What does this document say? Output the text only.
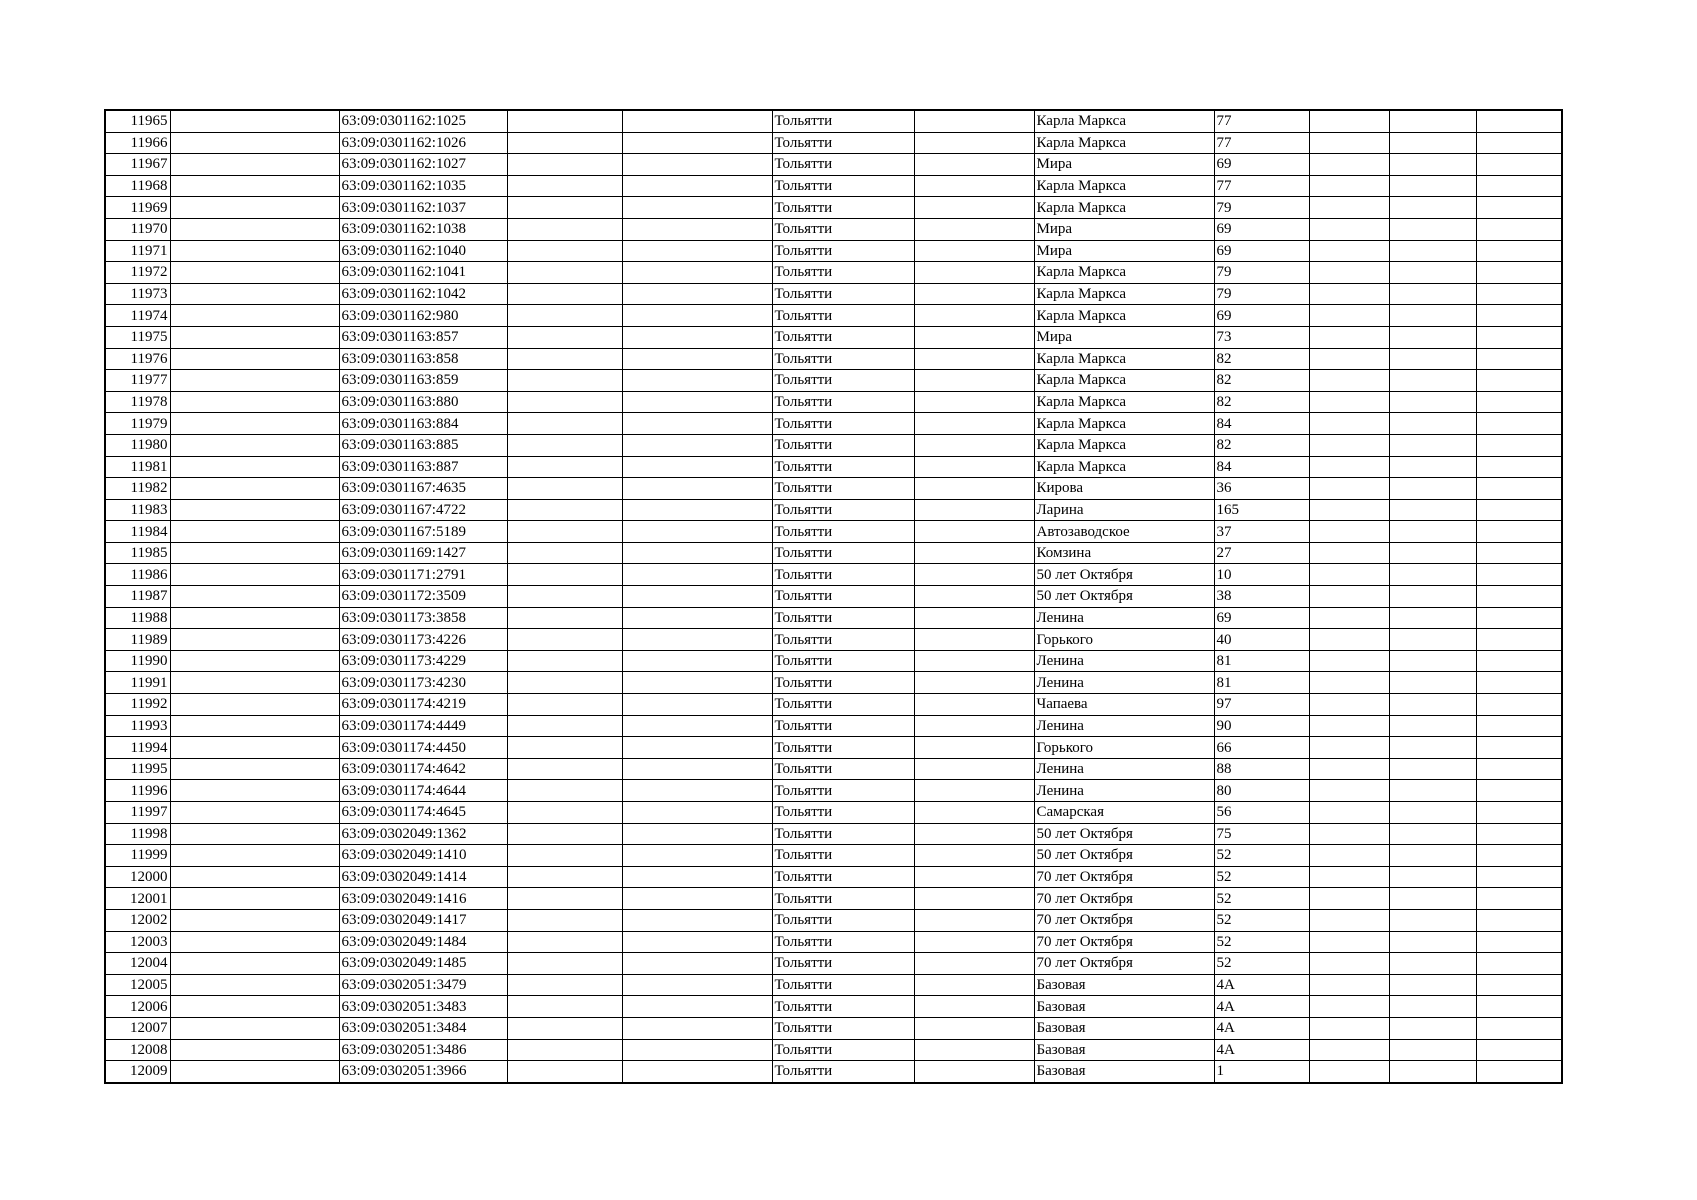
11965		63:09:0301162:1025			Тольятти		Карла Маркса	77			
11966		63:09:0301162:1026			Тольятти		Карла Маркса	77			
11967		63:09:0301162:1027			Тольятти		Мира	69			
11968		63:09:0301162:1035			Тольятти		Карла Маркса	77			
11969		63:09:0301162:1037			Тольятти		Карла Маркса	79			
11970		63:09:0301162:1038			Тольятти		Мира	69			
11971		63:09:0301162:1040			Тольятти		Мира	69			
11972		63:09:0301162:1041			Тольятти		Карла Маркса	79			
11973		63:09:0301162:1042			Тольятти		Карла Маркса	79			
11974		63:09:0301162:980			Тольятти		Карла Маркса	69			
11975		63:09:0301163:857			Тольятти		Мира	73			
11976		63:09:0301163:858			Тольятти		Карла Маркса	82			
11977		63:09:0301163:859			Тольятти		Карла Маркса	82			
11978		63:09:0301163:880			Тольятти		Карла Маркса	82			
11979		63:09:0301163:884			Тольятти		Карла Маркса	84			
11980		63:09:0301163:885			Тольятти		Карла Маркса	82			
11981		63:09:0301163:887			Тольятти		Карла Маркса	84			
11982		63:09:0301167:4635			Тольятти		Кирова	36			
11983		63:09:0301167:4722			Тольятти		Ларина	165			
11984		63:09:0301167:5189			Тольятти		Автозаводское	37			
11985		63:09:0301169:1427			Тольятти		Комзина	27			
11986		63:09:0301171:2791			Тольятти		50 лет Октября	10			
11987		63:09:0301172:3509			Тольятти		50 лет Октября	38			
11988		63:09:0301173:3858			Тольятти		Ленина	69			
11989		63:09:0301173:4226			Тольятти		Горького	40			
11990		63:09:0301173:4229			Тольятти		Ленина	81			
11991		63:09:0301173:4230			Тольятти		Ленина	81			
11992		63:09:0301174:4219			Тольятти		Чапаева	97			
11993		63:09:0301174:4449			Тольятти		Ленина	90			
11994		63:09:0301174:4450			Тольятти		Горького	66			
11995		63:09:0301174:4642			Тольятти		Ленина	88			
11996		63:09:0301174:4644			Тольятти		Ленина	80			
11997		63:09:0301174:4645			Тольятти		Самарская	56			
11998		63:09:0302049:1362			Тольятти		50 лет Октября	75			
11999		63:09:0302049:1410			Тольятти		50 лет Октября	52			
12000		63:09:0302049:1414			Тольятти		70 лет Октября	52			
12001		63:09:0302049:1416			Тольятти		70 лет Октября	52			
12002		63:09:0302049:1417			Тольятти		70 лет Октября	52			
12003		63:09:0302049:1484			Тольятти		70 лет Октября	52			
12004		63:09:0302049:1485			Тольятти		70 лет Октября	52			
12005		63:09:0302051:3479			Тольятти		Базовая	4А			
12006		63:09:0302051:3483			Тольятти		Базовая	4А			
12007		63:09:0302051:3484			Тольятти		Базовая	4А			
12008		63:09:0302051:3486			Тольятти		Базовая	4А			
12009		63:09:0302051:3966			Тольятти		Базовая	1			
